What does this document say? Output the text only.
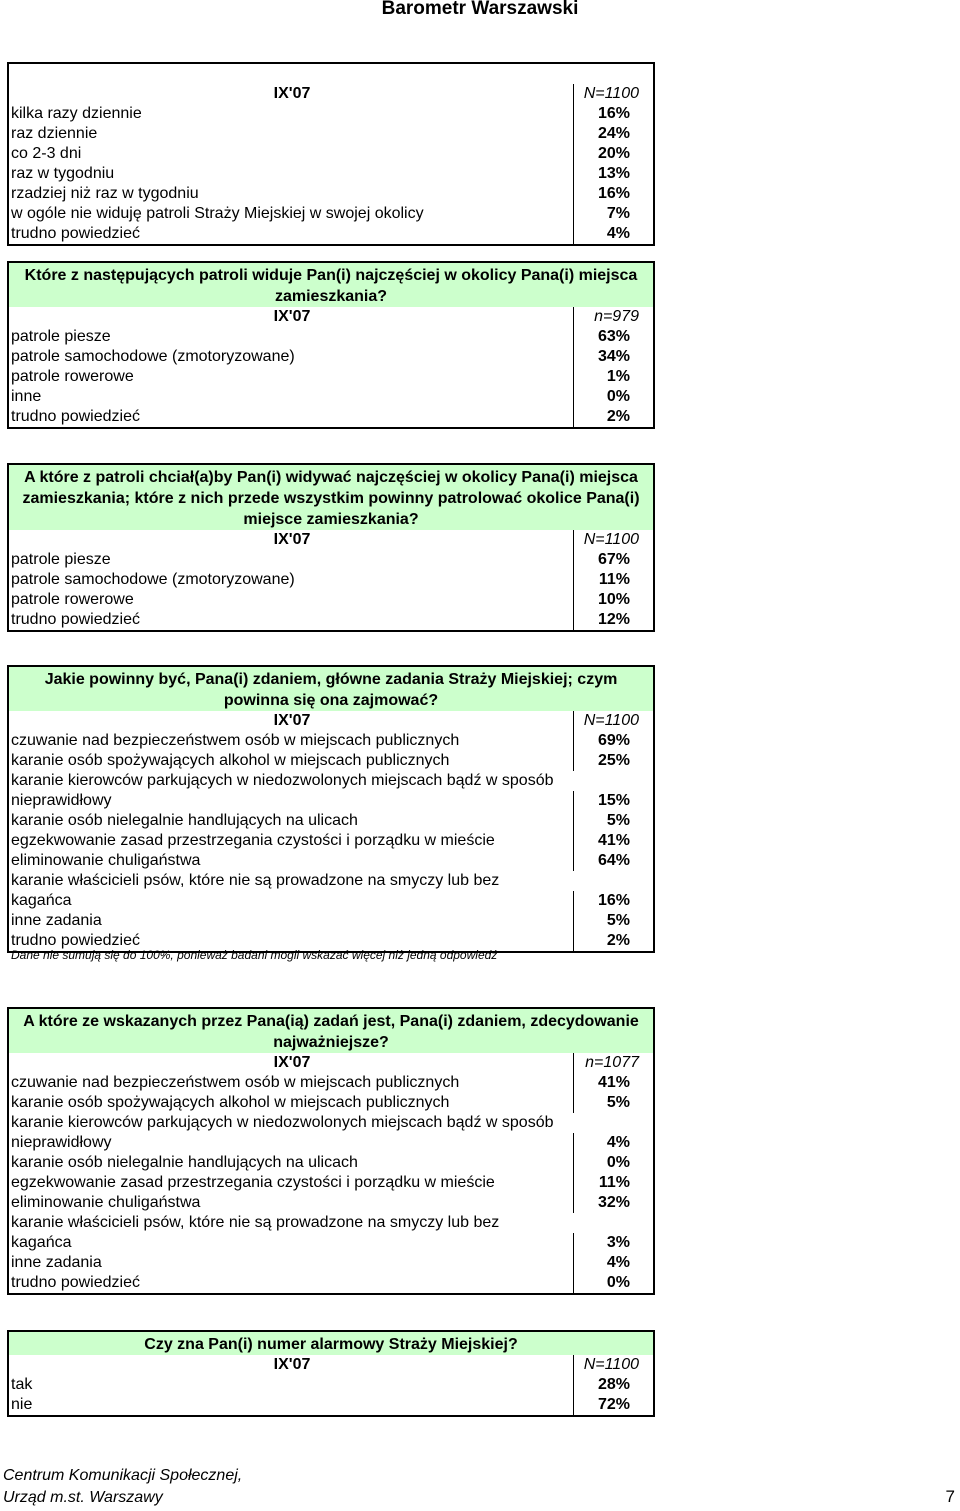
Barometr Warszawski
IX'07	N=1100
kilka razy dziennie	16%
raz dziennie	24%
co 2-3 dni	20%
raz w tygodniu	13%
rzadziej niż raz w tygodniu	16%
w ogóle nie widuję patroli Straży Miejskiej w swojej okolicy	7%
trudno powiedzieć	4%
Które z następujących patroli widuje Pan(i) najczęściej w okolicy Pana(i) miejsca zamieszkania?
IX'07	n=979
patrole piesze	63%
patrole samochodowe (zmotoryzowane)	34%
patrole rowerowe	1%
inne	0%
trudno powiedzieć	2%
A które z patroli chciał(a)by Pan(i) widywać najczęściej w okolicy Pana(i) miejsca zamieszkania; które z nich przede wszystkim powinny patrolować okolice Pana(i) miejsce zamieszkania?
IX'07	N=1100
patrole piesze	67%
patrole samochodowe (zmotoryzowane)	11%
patrole rowerowe	10%
trudno powiedzieć	12%
Jakie powinny być, Pana(i) zdaniem, główne zadania Straży Miejskiej; czym powinna się ona zajmować?
IX'07	N=1100
czuwanie nad bezpieczeństwem osób w miejscach publicznych	69%
karanie osób spożywających alkohol w miejscach publicznych	25%
karanie kierowców parkujących w niedozwolonych miejscach bądź w sposób
nieprawidłowy	15%
karanie osób nielegalnie handlujących na ulicach	5%
egzekwowanie zasad przestrzegania czystości i porządku w mieście	41%
eliminowanie chuligaństwa	64%
karanie właścicieli psów, które nie są prowadzone na smyczy lub bez
kagańca	16%
inne zadania	5%
trudno powiedzieć	2%
A które ze wskazanych przez Pana(ią) zadań jest, Pana(i) zdaniem, zdecydowanie najważniejsze?
IX'07	n=1077
czuwanie nad bezpieczeństwem osób w miejscach publicznych	41%
karanie osób spożywających alkohol w miejscach publicznych	5%
karanie kierowców parkujących w niedozwolonych miejscach bądź w sposób
nieprawidłowy	4%
karanie osób nielegalnie handlujących na ulicach	0%
egzekwowanie zasad przestrzegania czystości i porządku w mieście	11%
eliminowanie chuligaństwa	32%
karanie właścicieli psów, które nie są prowadzone na smyczy lub bez
kagańca	3%
inne zadania	4%
trudno powiedzieć	0%
Czy zna Pan(i) numer alarmowy Straży Miejskiej?
IX'07	N=1100
tak	28%
nie	72%
Dane nie sumują się do 100%, ponieważ badani mogli wskazać więcej niż jedną odpowiedź
Centrum Komunikacji Społecznej,
Urząd m.st. Warszawy	7
